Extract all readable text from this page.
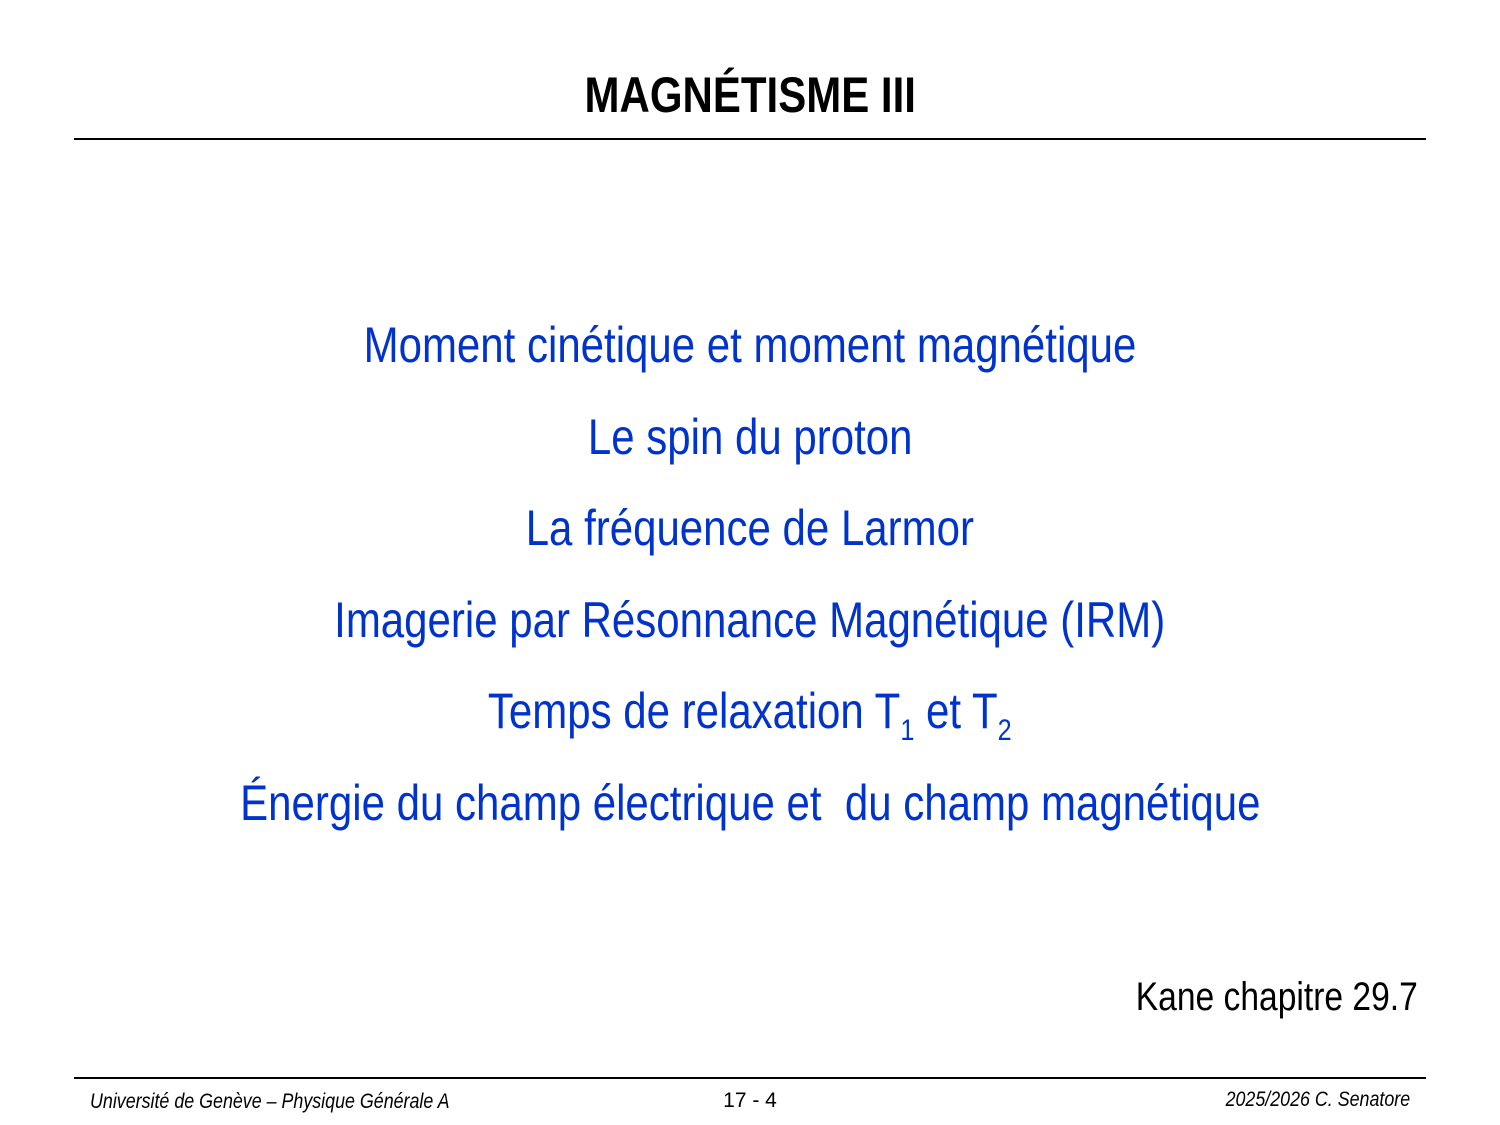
MAGNÉTISME III
Moment cinétique et moment magnétique
Le spin du proton
La fréquence de Larmor
Imagerie par Résonnance Magnétique (IRM)
Temps de relaxation $T_1$ et $T_2$
Énergie du champ électrique et  du champ magnétique
Kane chapitre 29.7
Université de Genève – Physique Générale A	17 - 4	2025/2026 C. Senatore
